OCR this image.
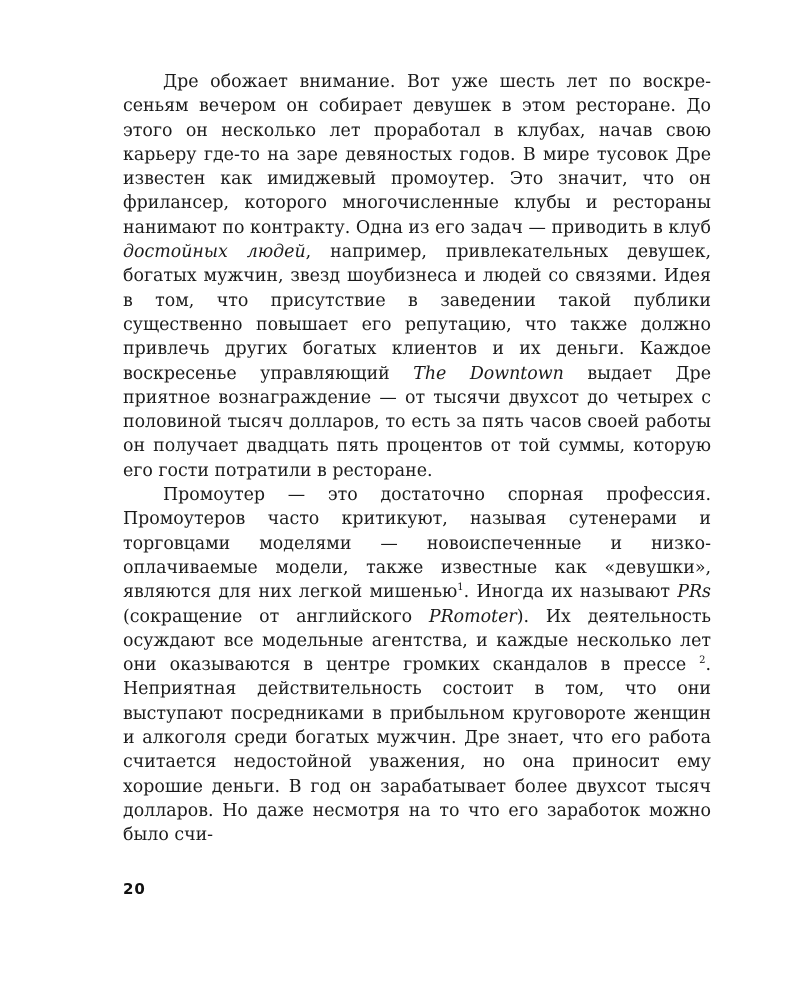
Дре обожает внимание. Вот уже шесть лет по воскресеньям вечером он собирает девушек в этом ресторане. До этого он несколько лет проработал в клубах, начав свою карьеру где-то на заре девяностых годов. В мире тусовок Дре известен как имиджевый промоутер. Это значит, что он фрилансер, которого многочисленные клубы и рестораны нанимают по контракту. Одна из его задач — приводить в клуб достойных людей, например, привлекательных девушек, богатых мужчин, звезд шоубизнеса и людей со связями. Идея в том, что присутствие в заведении такой публики существенно повышает его репутацию, что также должно привлечь других богатых клиентов и их деньги. Каждое воскресенье управляющий The Downtown выдает Дре приятное вознаграждение — от тысячи двухсот до четырех с половиной тысяч долларов, то есть за пять часов своей работы он получает двадцать пять процентов от той суммы, которую его гости потратили в ресторане.

Промоутер — это достаточно спорная профессия. Промоутеров часто критикуют, называя сутенерами и торговцами моделями — новоиспеченные и низкооплачиваемые модели, также известные как «девушки», являются для них легкой мишенью$^1$. Иногда их называют PRs (сокращение от английского PRomoter). Их деятельность осуждают все модельные агентства, и каждые несколько лет они оказываются в центре громких скандалов в прессе $^2$. Неприятная действительность состоит в том, что они выступают посредниками в прибыльном круговороте женщин и алкоголя среди богатых мужчин. Дре знает, что его работа считается недостойной уважения, но она приносит ему хорошие деньги. В год он зарабатывает более двухсот тысяч долларов. Но даже несмотря на то что его заработок можно было счи-

20
